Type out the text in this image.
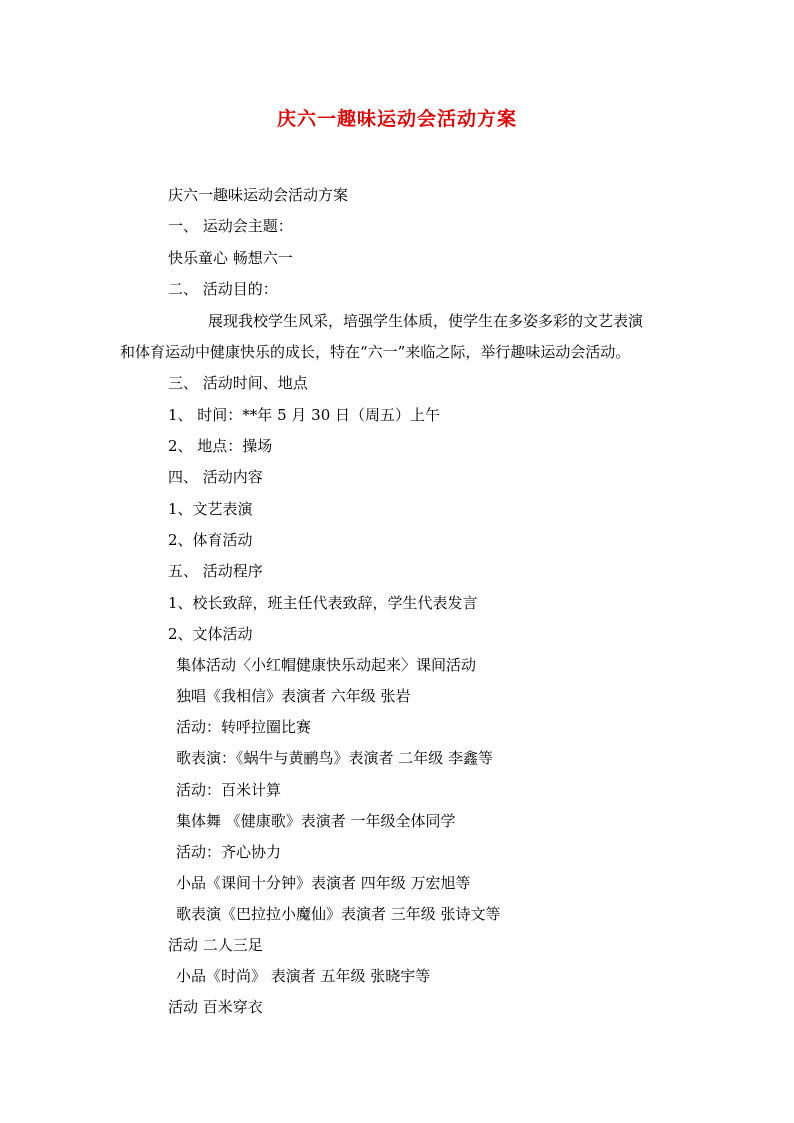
庆六一趣味运动会活动方案
庆六一趣味运动会活动方案
一、 运动会主题：
快乐童心 畅想六一
二、 活动目的：
展现我校学生风采，培强学生体质，使学生在多姿多彩的文艺表演
和体育运动中健康快乐的成长，特在“六一”来临之际，举行趣味运动会活动。
三、 活动时间、地点
1、 时间：**年 5 月 30 日（周五）上午
2、 地点：操场
四、 活动内容
1、文艺表演
2、体育活动
五、 活动程序
1、校长致辞，班主任代表致辞，学生代表发言
2、文体活动
集体活动〈小红帽健康快乐动起来〉课间活动
独唱《我相信》表演者 六年级 张岩
活动：转呼拉圈比赛
歌表演：《蜗牛与黄鹂鸟》表演者 二年级 李鑫等
活动：百米计算
集体舞 《健康歌》表演者 一年级全体同学
活动：齐心协力
小品《课间十分钟》表演者 四年级 万宏旭等
歌表演《巴拉拉小魔仙》表演者 三年级 张诗文等
活动 二人三足
小品《时尚》 表演者 五年级 张晓宇等
活动 百米穿衣
